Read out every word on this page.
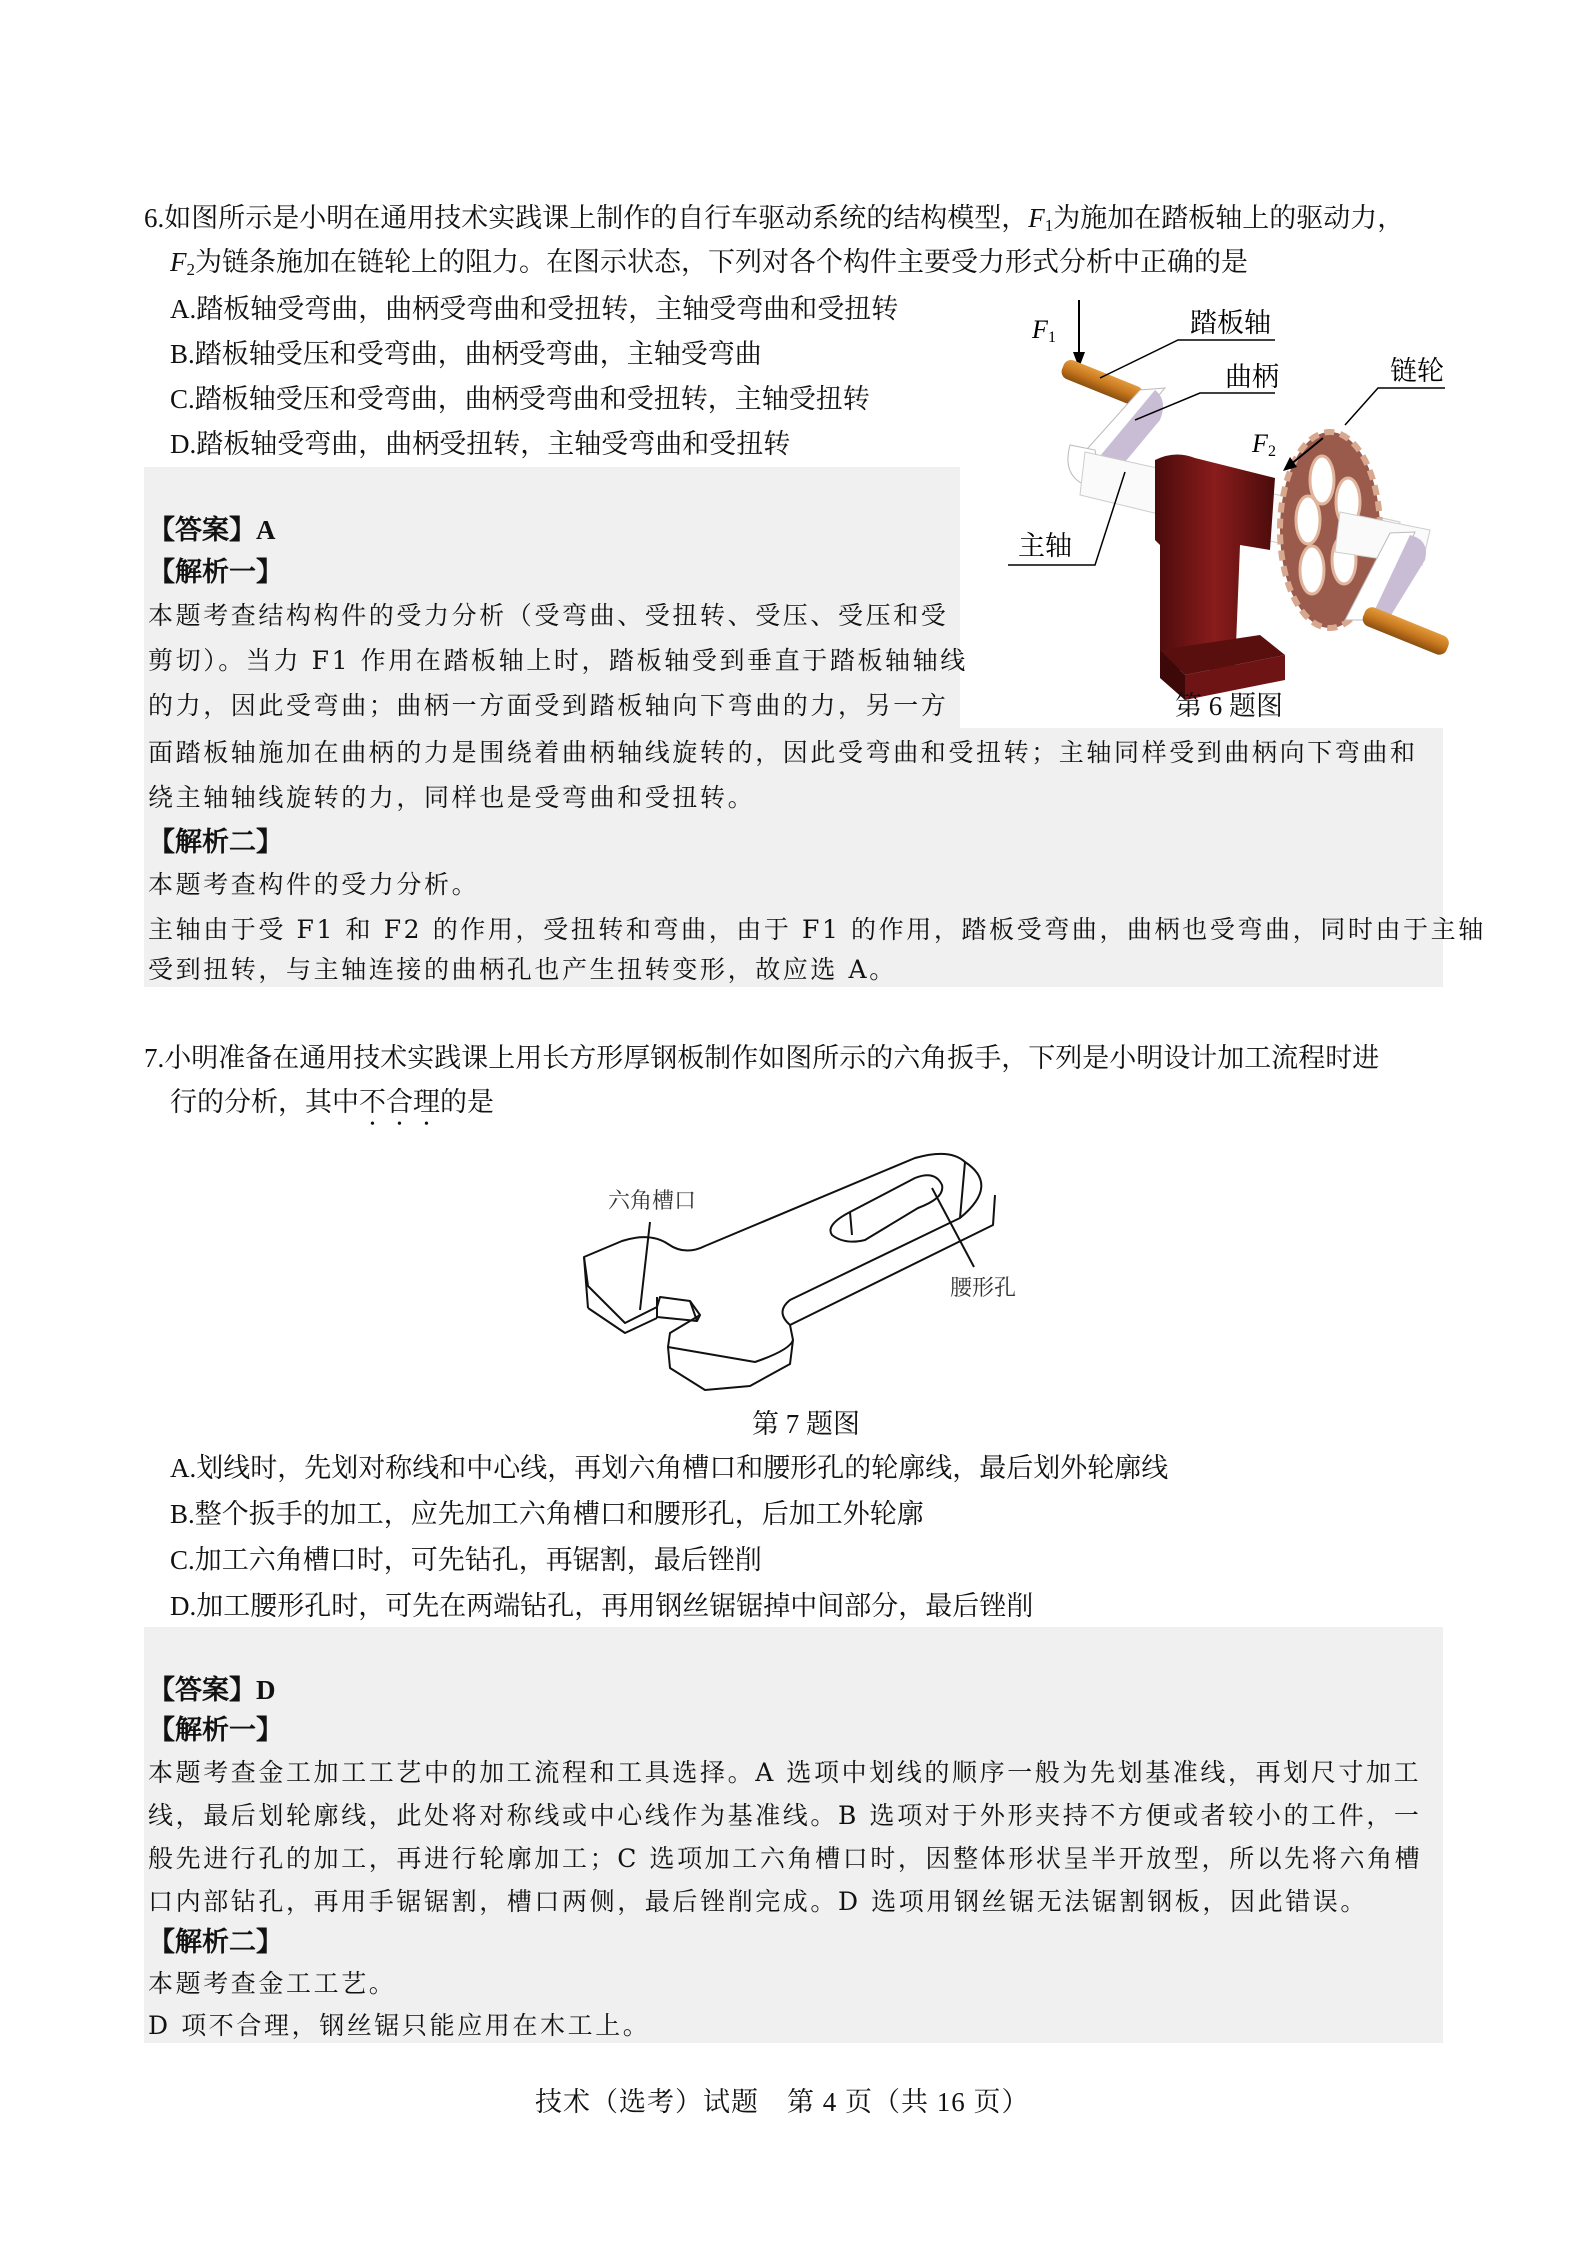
6.如图所示是小明在通用技术实践课上制作的自行车驱动系统的结构模型，$F_1$为施加在踏板轴上的驱动力，
$F_2$为链条施加在链轮上的阻力。在图示状态，下列对各个构件主要受力形式分析中正确的是
A.踏板轴受弯曲，曲柄受弯曲和受扭转，主轴受弯曲和受扭转
B.踏板轴受压和受弯曲，曲柄受弯曲，主轴受弯曲
C.踏板轴受压和受弯曲，曲柄受弯曲和受扭转，主轴受扭转
D.踏板轴受弯曲，曲柄受扭转，主轴受弯曲和受扭转
【答案】A
【解析一】
本题考查结构构件的受力分析（受弯曲、受扭转、受压、受压和受
剪切）。当力 F1 作用在踏板轴上时，踏板轴受到垂直于踏板轴轴线
的力，因此受弯曲；曲柄一方面受到踏板轴向下弯曲的力，另一方
面踏板轴施加在曲柄的力是围绕着曲柄轴线旋转的，因此受弯曲和受扭转；主轴同样受到曲柄向下弯曲和
绕主轴轴线旋转的力，同样也是受弯曲和受扭转。
【解析二】
本题考查构件的受力分析。
主轴由于受 F1 和 F2 的作用，受扭转和弯曲，由于 F1 的作用，踏板受弯曲，曲柄也受弯曲，同时由于主轴
受到扭转，与主轴连接的曲柄孔也产生扭转变形，故应选 A。
F 1
F 2
踏板轴
曲柄	链轮
主轴
第 6 题图
7.小明准备在通用技术实践课上用长方形厚钢板制作如图所示的六角扳手，下列是小明设计加工流程时进
行的分析，其中不合理的是
六角槽口
腰形孔
第 7 题图
A.划线时，先划对称线和中心线，再划六角槽口和腰形孔的轮廓线，最后划外轮廓线
B.整个扳手的加工，应先加工六角槽口和腰形孔，后加工外轮廓
C.加工六角槽口时，可先钻孔，再锯割，最后锉削
D.加工腰形孔时，可先在两端钻孔，再用钢丝锯锯掉中间部分，最后锉削
【答案】D
【解析一】
本题考查金工加工工艺中的加工流程和工具选择。A 选项中划线的顺序一般为先划基准线，再划尺寸加工
线，最后划轮廓线，此处将对称线或中心线作为基准线。B 选项对于外形夹持不方便或者较小的工件，一
般先进行孔的加工，再进行轮廓加工；C 选项加工六角槽口时，因整体形状呈半开放型，所以先将六角槽
口内部钻孔，再用手锯锯割，槽口两侧，最后锉削完成。D 选项用钢丝锯无法锯割钢板，因此错误。
【解析二】
本题考查金工工艺。
D 项不合理，钢丝锯只能应用在木工上。
技术（选考）试题　第 4 页（共 16 页）
